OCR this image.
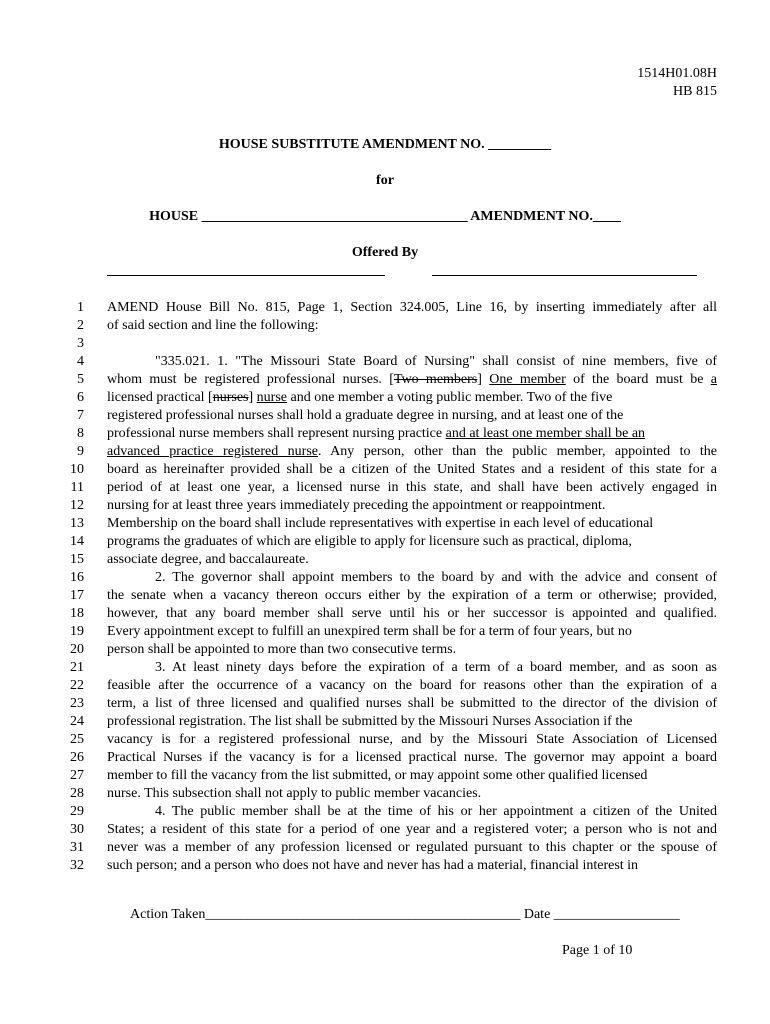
1514H01.08H
HB 815
HOUSE SUBSTITUTE AMENDMENT NO. _________
for
HOUSE ______________________________________ AMENDMENT NO.____
Offered By
1 AMEND House Bill No. 815, Page 1, Section 324.005, Line 16, by inserting immediately after all
2 of said section and line the following:
3
4	"335.021. 1. "The Missouri State Board of Nursing" shall consist of nine members, five of
5 whom must be registered professional nurses. [Two members] One member of the board must be a
6 licensed practical [nurses] nurse and one member a voting public member. Two of the five
7 registered professional nurses shall hold a graduate degree in nursing, and at least one of the
8 professional nurse members shall represent nursing practice and at least one member shall be an
9 advanced practice registered nurse. Any person, other than the public member, appointed to the
10 board as hereinafter provided shall be a citizen of the United States and a resident of this state for a
11 period of at least one year, a licensed nurse in this state, and shall have been actively engaged in
12 nursing for at least three years immediately preceding the appointment or reappointment.
13 Membership on the board shall include representatives with expertise in each level of educational
14 programs the graduates of which are eligible to apply for licensure such as practical, diploma,
15 associate degree, and baccalaureate.
16	2. The governor shall appoint members to the board by and with the advice and consent of
17 the senate when a vacancy thereon occurs either by the expiration of a term or otherwise; provided,
18 however, that any board member shall serve until his or her successor is appointed and qualified.
19 Every appointment except to fulfill an unexpired term shall be for a term of four years, but no
20 person shall be appointed to more than two consecutive terms.
21	3. At least ninety days before the expiration of a term of a board member, and as soon as
22 feasible after the occurrence of a vacancy on the board for reasons other than the expiration of a
23 term, a list of three licensed and qualified nurses shall be submitted to the director of the division of
24 professional registration. The list shall be submitted by the Missouri Nurses Association if the
25 vacancy is for a registered professional nurse, and by the Missouri State Association of Licensed
26 Practical Nurses if the vacancy is for a licensed practical nurse. The governor may appoint a board
27 member to fill the vacancy from the list submitted, or may appoint some other qualified licensed
28 nurse. This subsection shall not apply to public member vacancies.
29	4. The public member shall be at the time of his or her appointment a citizen of the United
30 States; a resident of this state for a period of one year and a registered voter; a person who is not and
31 never was a member of any profession licensed or regulated pursuant to this chapter or the spouse of
32 such person; and a person who does not have and never has had a material, financial interest in
Action Taken_____________________________________________ Date __________________
Page 1 of 10
